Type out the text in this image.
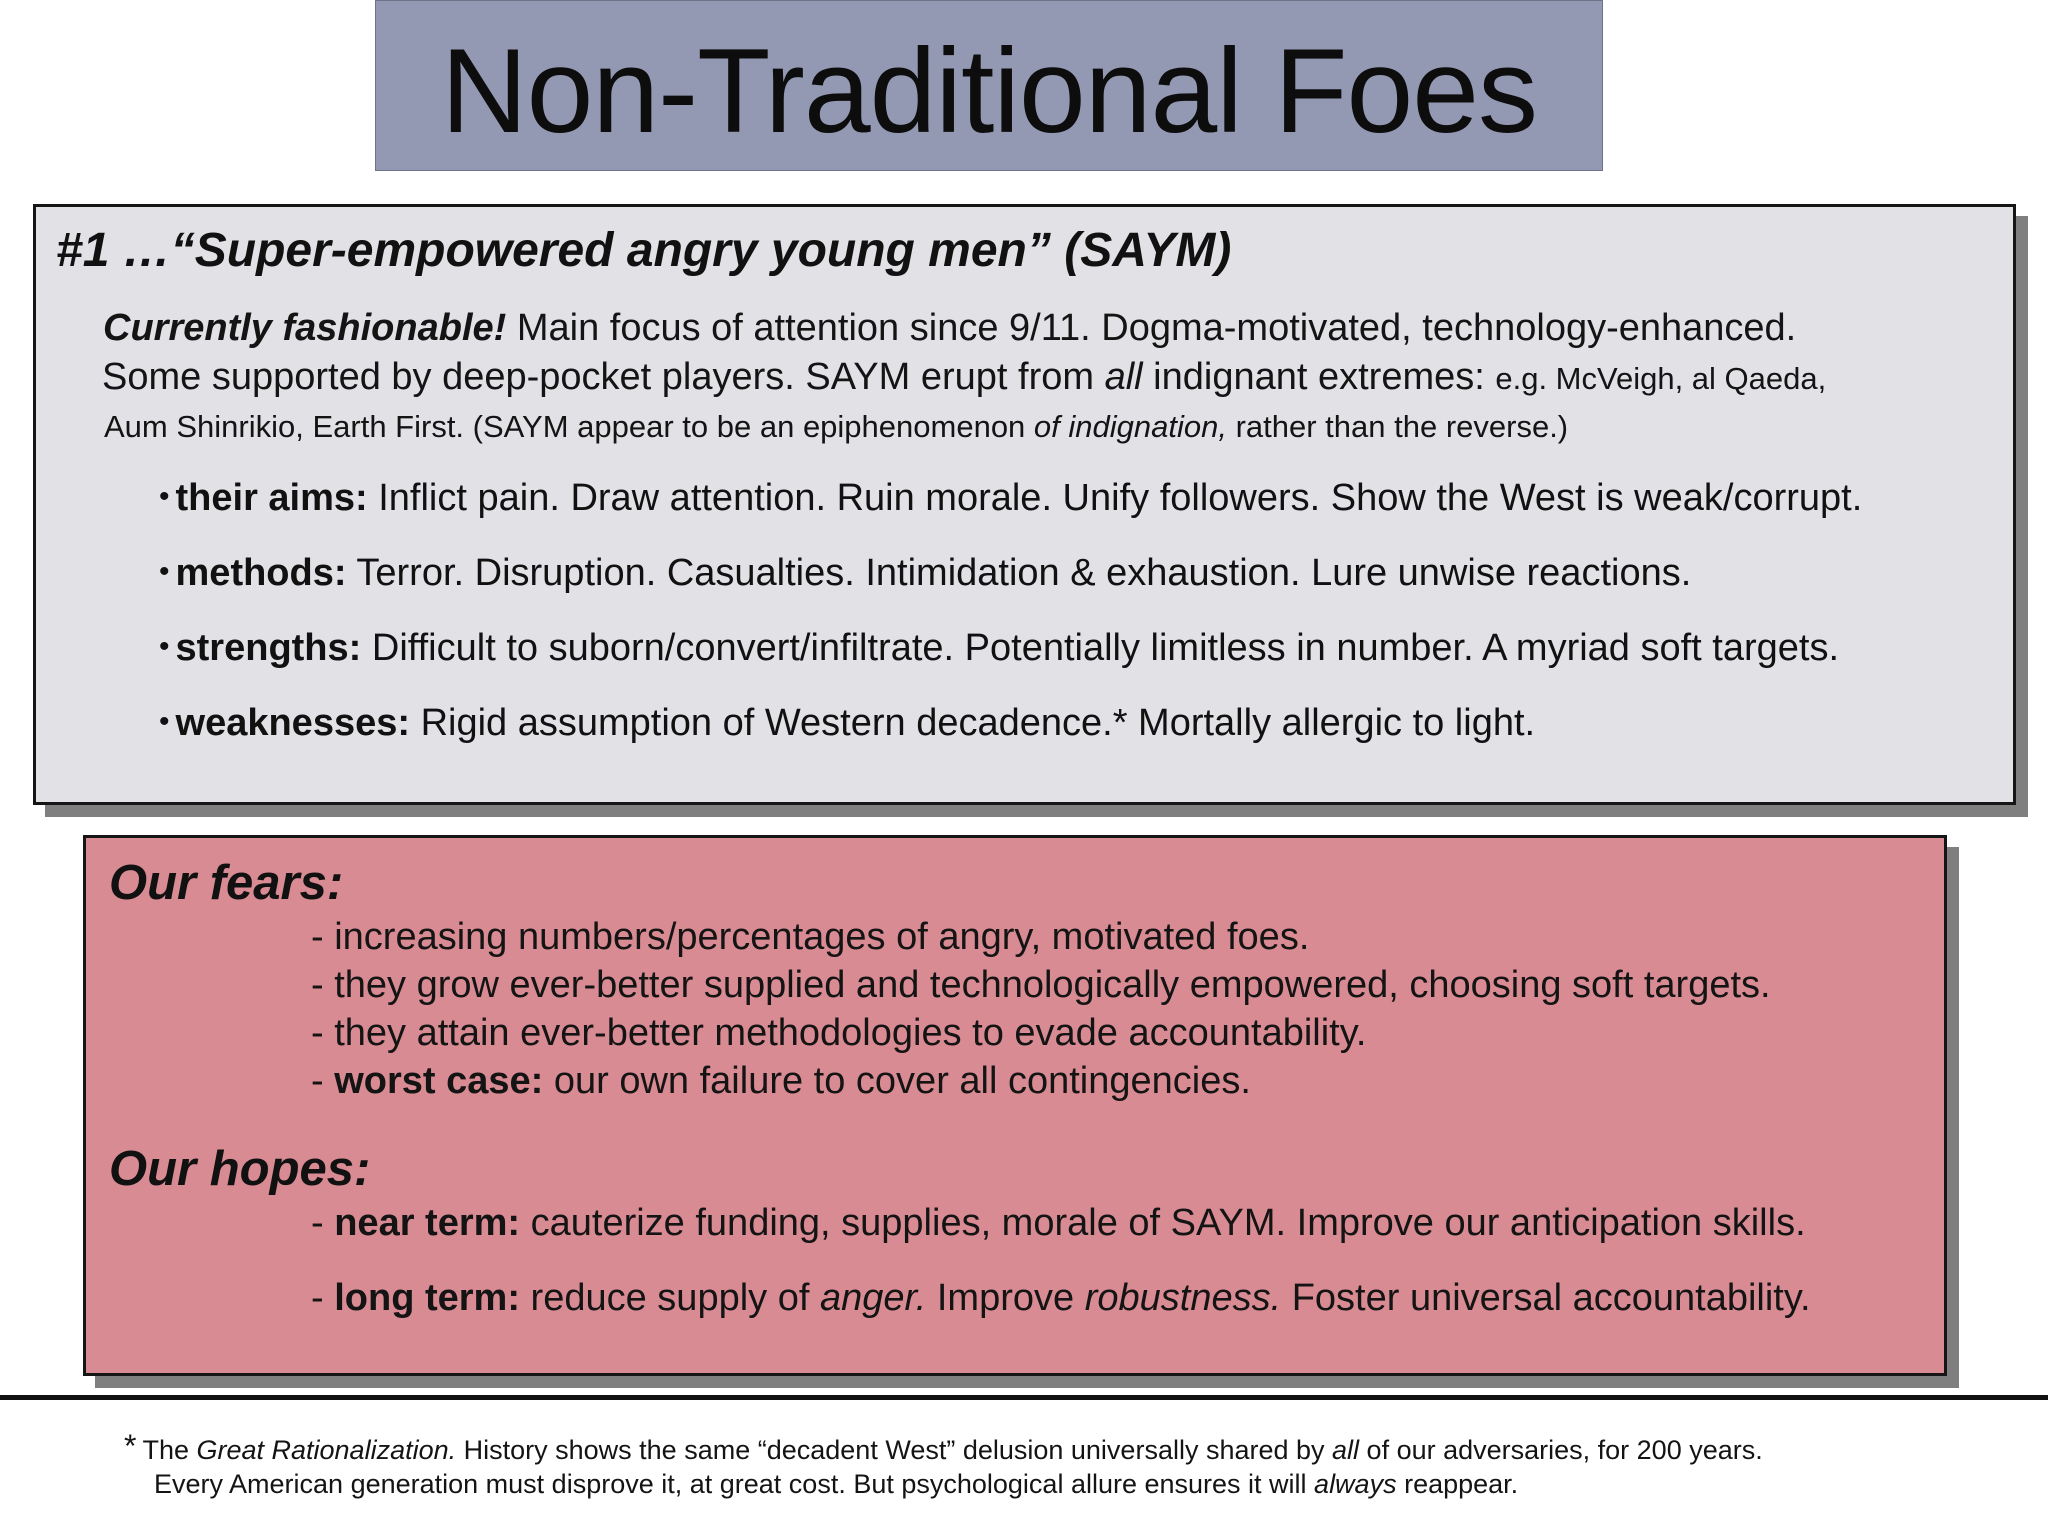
Non-Traditional Foes
#1 …“Super-empowered angry young men” (SAYM)
Currently fashionable! Main focus of attention since 9/11. Dogma-motivated, technology-enhanced.
Some supported by deep-pocket players. SAYM erupt from all indignant extremes: e.g. McVeigh, al Qaeda,
Aum Shinrikio, Earth First. (SAYM appear to be an epiphenomenon of indignation, rather than the reverse.)
• their aims: Inflict pain. Draw attention. Ruin morale. Unify followers. Show the West is weak/corrupt.
• methods: Terror. Disruption. Casualties. Intimidation & exhaustion. Lure unwise reactions.
• strengths: Difficult to suborn/convert/infiltrate. Potentially limitless in number. A myriad soft targets.
• weaknesses: Rigid assumption of Western decadence.* Mortally allergic to light.
Our fears:
- increasing numbers/percentages of angry, motivated foes.
- they grow ever-better supplied and technologically empowered, choosing soft targets.
- they attain ever-better methodologies to evade accountability.
- worst case: our own failure to cover all contingencies.
Our hopes:
- near term: cauterize funding, supplies, morale of SAYM. Improve our anticipation skills.
- long term: reduce supply of anger. Improve robustness. Foster universal accountability.
* The Great Rationalization. History shows the same “decadent West” delusion universally shared by all of our adversaries, for 200 years.
Every American generation must disprove it, at great cost. But psychological allure ensures it will always reappear.
